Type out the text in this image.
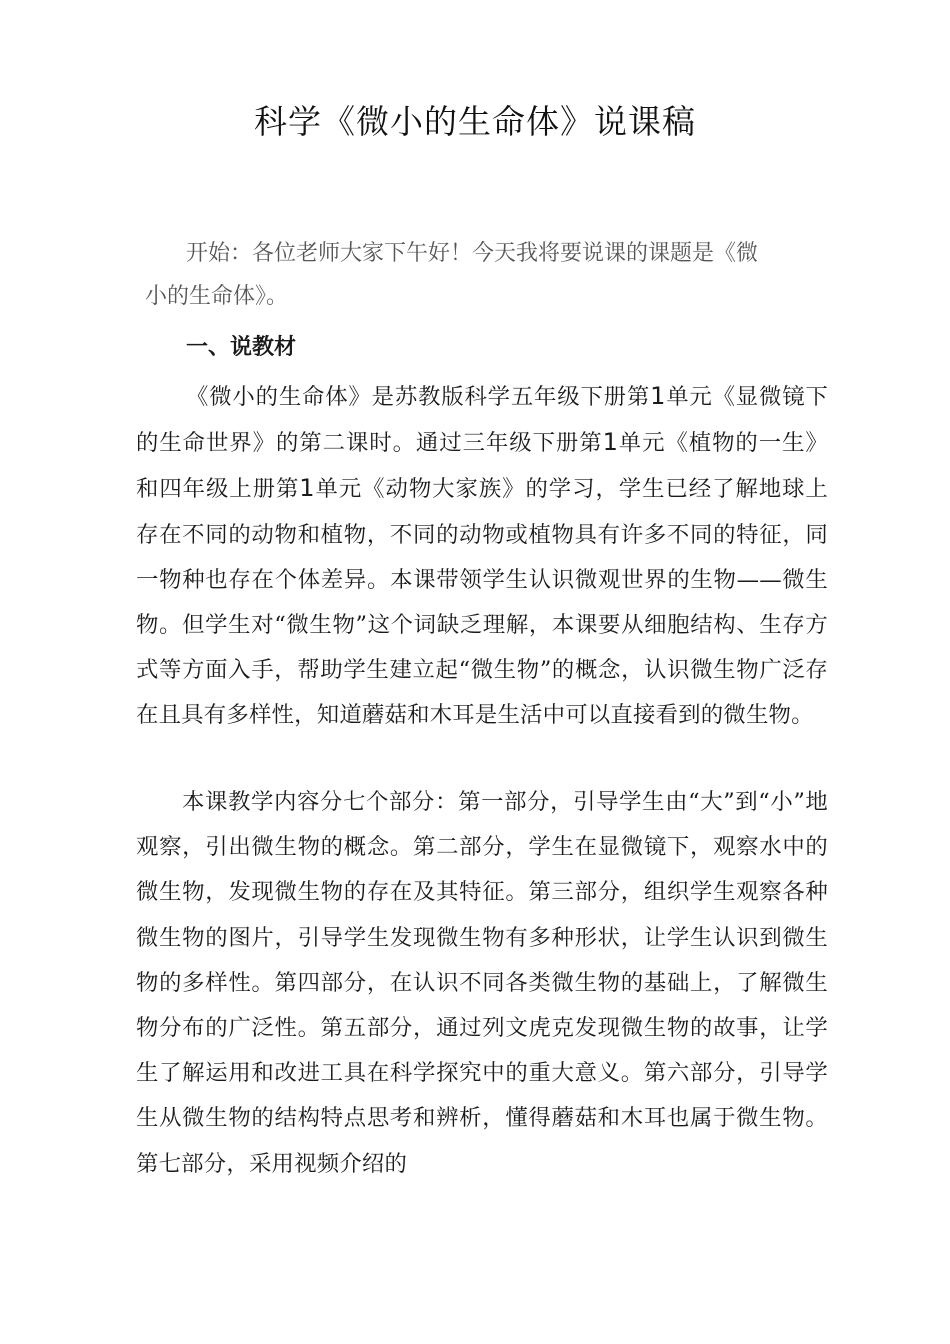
科学《微小的生命体》说课稿

开始：各位老师大家下午好！今天我将要说课的课题是《微

小的生命体》。

一、说教材

《微小的生命体》是苏教版科学五年级下册第1单元《显微镜下的生命世界》的第二课时。通过三年级下册第1单元《植物的一生》和四年级上册第1单元《动物大家族》的学习，学生已经了解地球上存在不同的动物和植物，不同的动物或植物具有许多不同的特征，同一物种也存在个体差异。本课带领学生认识微观世界的生物——微生物。但学生对“微生物”这个词缺乏理解，本课要从细胞结构、生存方式等方面入手，帮助学生建立起“微生物”的概念，认识微生物广泛存在且具有多样性，知道蘑菇和木耳是生活中可以直接看到的微生物。

本课教学内容分七个部分：第一部分，引导学生由“大”到“小”地观察，引出微生物的概念。第二部分，学生在显微镜下，观察水中的微生物，发现微生物的存在及其特征。第三部分，组织学生观察各种微生物的图片，引导学生发现微生物有多种形状，让学生认识到微生物的多样性。第四部分，在认识不同各类微生物的基础上，了解微生物分布的广泛性。第五部分，通过列文虎克发现微生物的故事，让学生了解运用和改进工具在科学探究中的重大意义。第六部分，引导学生从微生物的结构特点思考和辨析，懂得蘑菇和木耳也属于微生物。第七部分，采用视频介绍的
